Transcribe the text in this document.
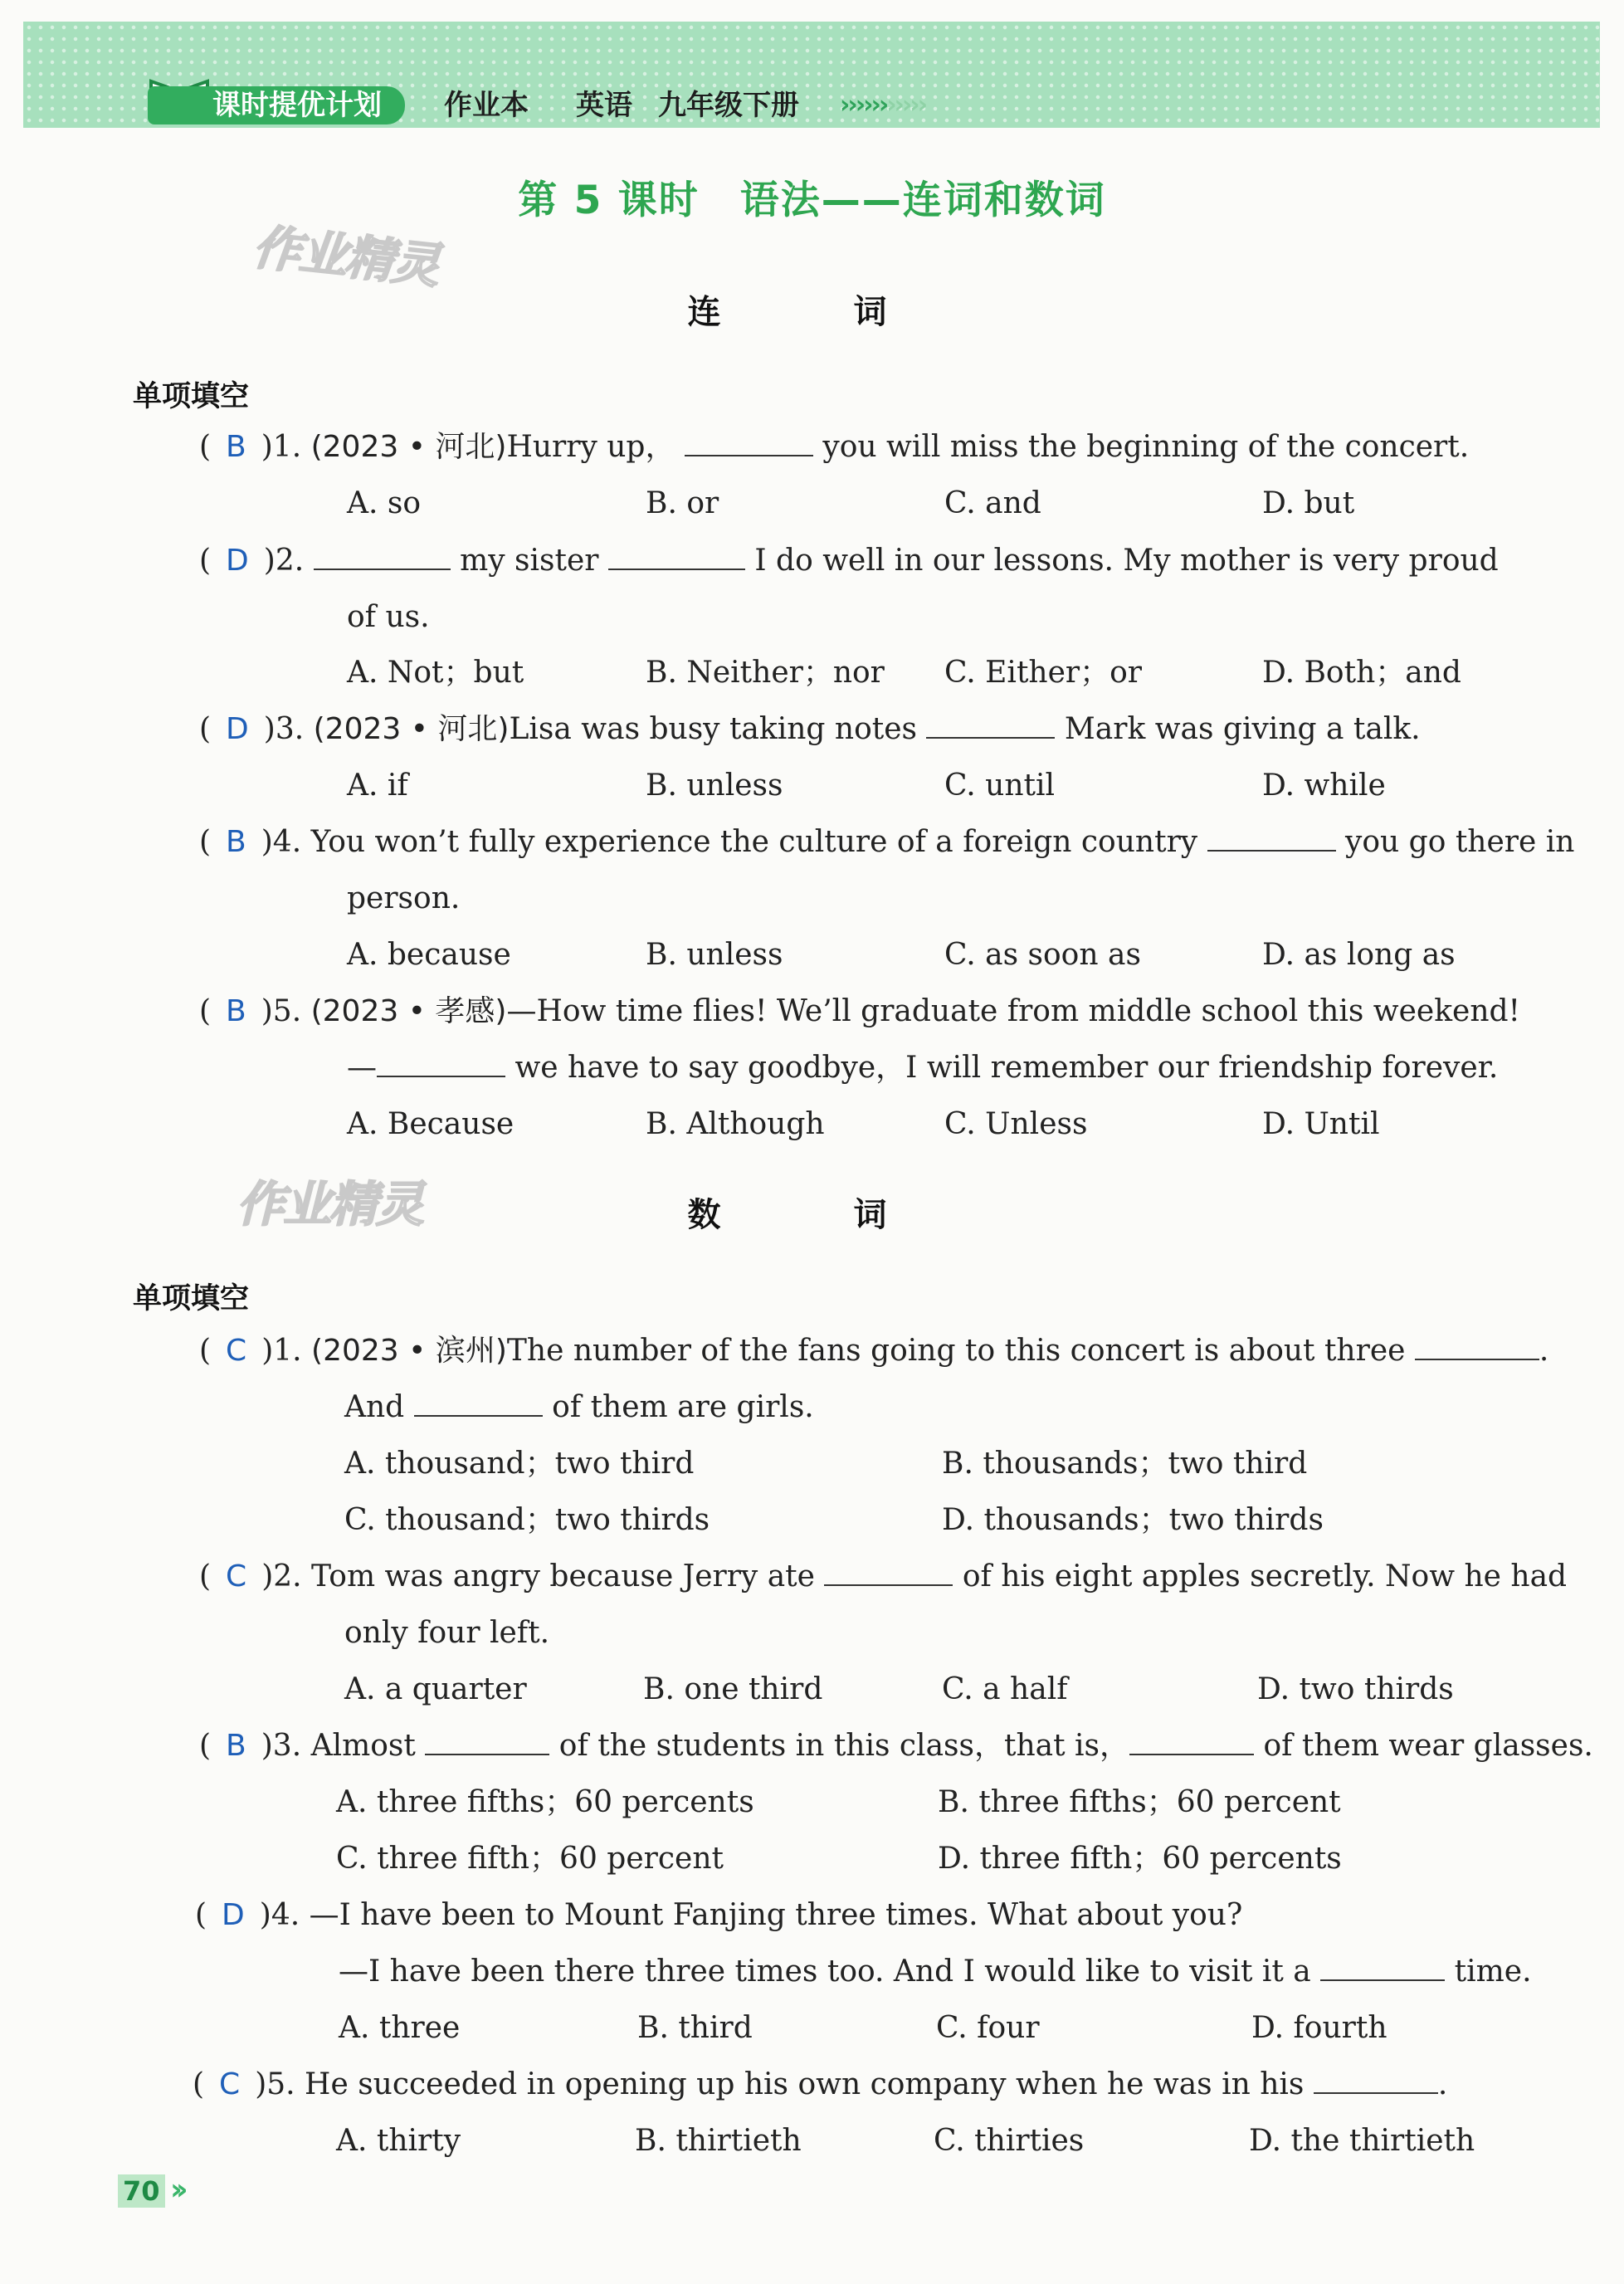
课时提优计划	作业本 英语 九年级下册 ›››››››››››
第 5 课时　语法——连词和数词
作业精灵
作业精灵
连　词
单项填空
( B )1. (2023 • 河北)Hurry up，	you will miss the beginning of the concert.
A. so	B. or	C. and	D. but
( D )2.	my sister	I do well in our lessons. My mother is very proud
of us.
A. Not；but	B. Neither；nor C. Either；or	D. Both；and
( D )3. (2023 • 河北)Lisa was busy taking notes	Mark was giving a talk.
A. if	B. unless	C. until	D. while
( B )4. You won’t fully experience the culture of a foreign country	you go there in
person.
A. because	B. unless	C. as soon as	D. as long as
( B )5. (2023 • 孝感)—How time flies! We’ll graduate from middle school this weekend!
—	we have to say goodbye，I will remember our friendship forever.
A. Because	B. Although	C. Unless	D. Until
数　词
单项填空
( C )1. (2023 • 滨州)The number of the fans going to this concert is about three	.
And	of them are girls.
A. thousand；two third	B. thousands；two third
C. thousand；two thirds	D. thousands；two thirds
( C )2. Tom was angry because Jerry ate	of his eight apples secretly. Now he had
only four left.
A. a quarter	B. one third	C. a half	D. two thirds
( B )3. Almost	of the students in this class，that is，	of them wear glasses.
A. three fifths；60 percents	B. three fifths；60 percent
C. three fifth；60 percent	D. three fifth；60 percents
( D )4. —I have been to Mount Fanjing three times. What about you?
—I have been there three times too. And I would like to visit it a	time.
A. three	B. third	C. four	D. fourth
( C )5. He succeeded in opening up his own company when he was in his	.
A. thirty	B. thirtieth	C. thirties	D. the thirtieth
70 ››
